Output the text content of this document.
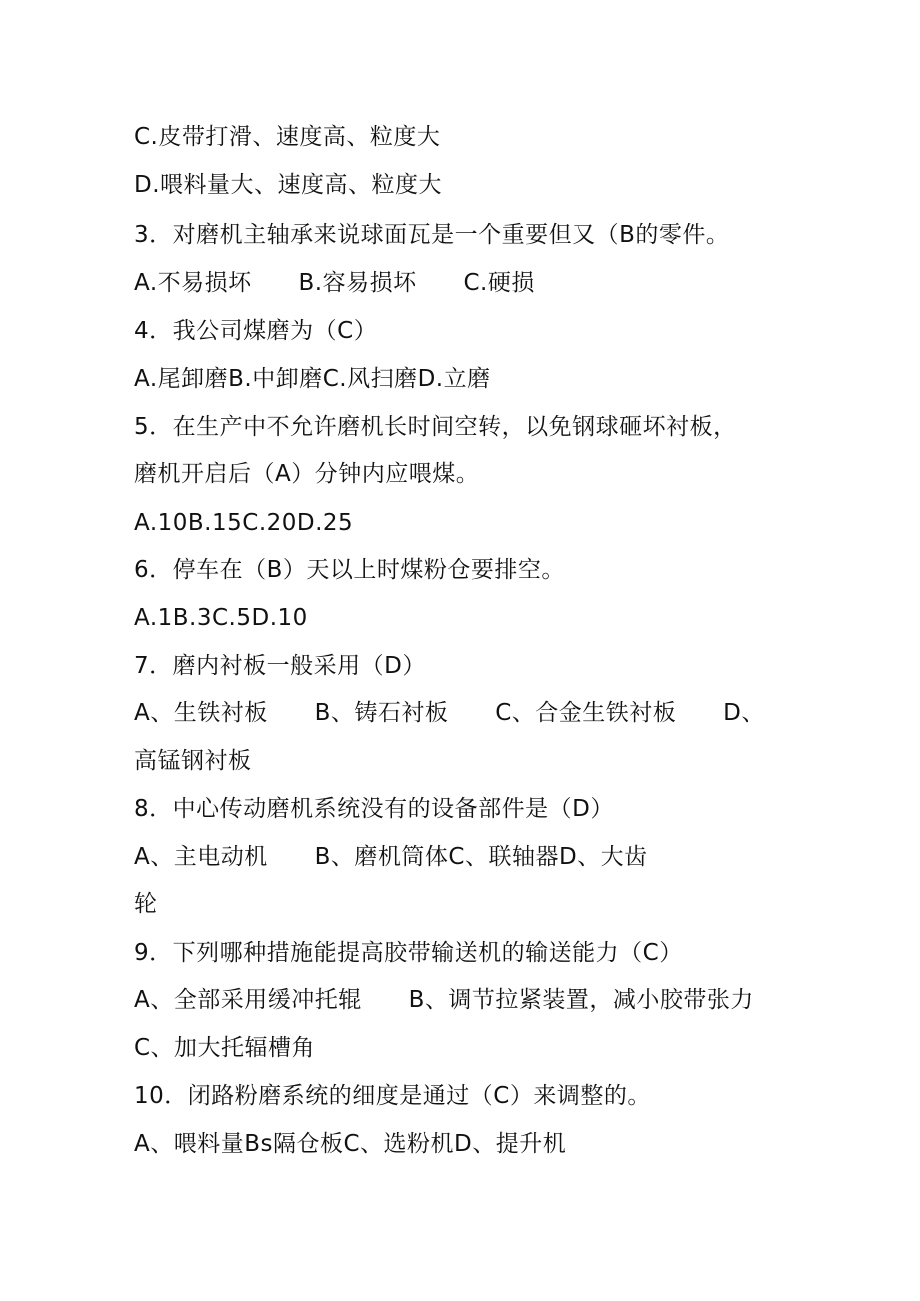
C.皮带打滑、速度高、粒度大
D.喂料量大、速度高、粒度大
3．对磨机主轴承来说球面瓦是一个重要但又（B的零件。
A.不易损坏      B.容易损坏      C.硬损
4．我公司煤磨为（C）
A.尾卸磨B.中卸磨C.风扫磨D.立磨
5．在生产中不允许磨机长时间空转，以免钢球砸坏衬板，
磨机开启后（A）分钟内应喂煤。
A.10B.15C.20D.25
6．停车在（B）天以上时煤粉仓要排空。
A.1B.3C.5D.10
7．磨内衬板一般采用（D）
A、生铁衬板      B、铸石衬板      C、合金生铁衬板      D、
高锰钢衬板
8．中心传动磨机系统没有的设备部件是（D）
A、主电动机      B、磨机筒体C、联轴器D、大齿
轮
9．下列哪种措施能提高胶带输送机的输送能力（C）
A、全部采用缓冲托辊      B、调节拉紧装置，减小胶带张力
C、加大托辐槽角
10．闭路粉磨系统的细度是通过（C）来调整的。
A、喂料量Bs隔仓板C、选粉机D、提升机
